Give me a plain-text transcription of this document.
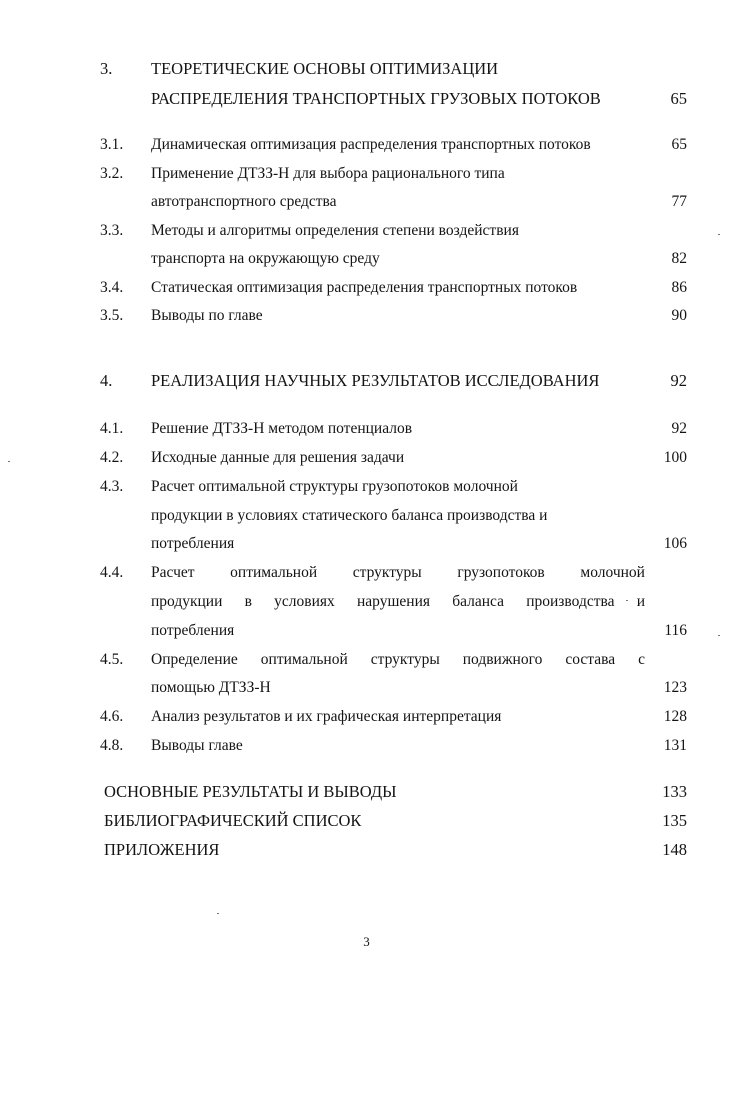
3. ТЕОРЕТИЧЕСКИЕ ОСНОВЫ ОПТИМИЗАЦИИ
РАСПРЕДЕЛЕНИЯ ТРАНСПОРТНЫХ ГРУЗОВЫХ ПОТОКОВ	65
3.1. Динамическая оптимизация распределения транспортных потоков	65
3.2. Применение ДТЗЗ-Н для выбора рационального типа
автотранспортного средства	77
3.3. Методы и алгоритмы определения степени воздействия
транспорта на окружающую среду	82
3.4. Статическая оптимизация распределения транспортных потоков	86
3.5. Выводы по главе	90
4. РЕАЛИЗАЦИЯ НАУЧНЫХ РЕЗУЛЬТАТОВ ИССЛЕДОВАНИЯ	92
4.1. Решение ДТЗЗ-Н методом потенциалов	92
4.2. Исходные данные для решения задачи	100
4.3. Расчет оптимальной структуры грузопотоков молочной
продукции в условиях статического баланса производства и
потребления	106
4.4. Расчет оптимальной структуры грузопотоков молочной
продукции в условиях нарушения баланса производства и
потребления	116
4.5. Определение оптимальной структуры подвижного состава с
помощью ДТЗЗ-Н	123
4.6. Анализ результатов и их графическая интерпретация	128
4.8. Выводы главе	131
ОСНОВНЫЕ РЕЗУЛЬТАТЫ И ВЫВОДЫ	133
БИБЛИОГРАФИЧЕСКИЙ СПИСОК	135
ПРИЛОЖЕНИЯ	148
3
